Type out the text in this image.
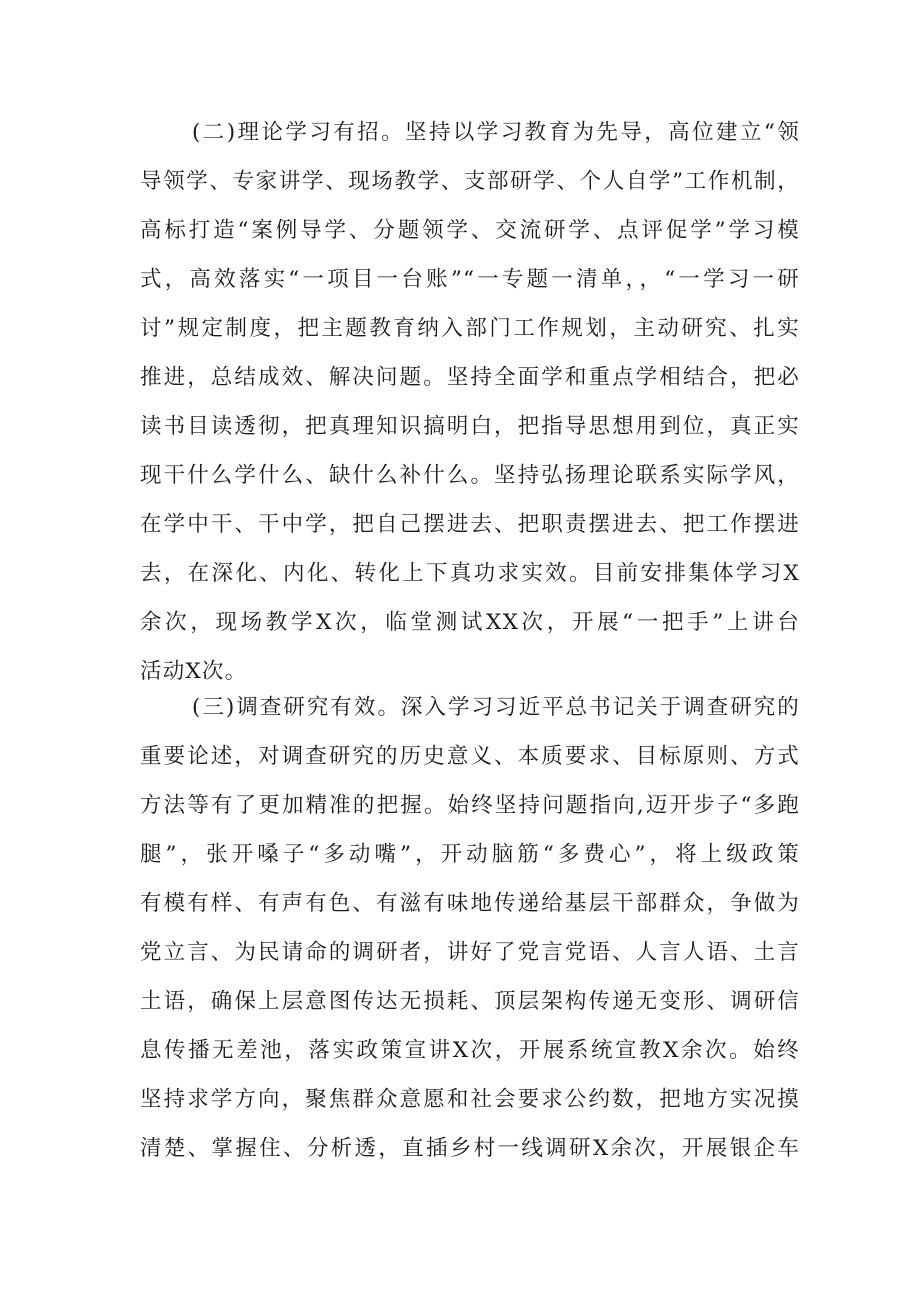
(二)理论学习有招。坚持以学习教育为先导，高位建立“领
导领学、专家讲学、现场教学、支部研学、个人自学”工作机制，
高标打造“案例导学、分题领学、交流研学、点评促学”学习模
式，高效落实“一项目一台账”“一专题一清单，，“一学习一研
讨”规定制度，把主题教育纳入部门工作规划，主动研究、扎实
推进，总结成效、解决问题。坚持全面学和重点学相结合，把必
读书目读透彻，把真理知识搞明白，把指导思想用到位，真正实
现干什么学什么、缺什么补什么。坚持弘扬理论联系实际学风，
在学中干、干中学，把自己摆进去、把职责摆进去、把工作摆进
去，在深化、内化、转化上下真功求实效。目前安排集体学习X
余次，现场教学X次，临堂测试XX次，开展“一把手”上讲台
活动X次。
(三)调查研究有效。深入学习习近平总书记关于调查研究的
重要论述，对调查研究的历史意义、本质要求、目标原则、方式
方法等有了更加精准的把握。始终坚持问题指向,迈开步子“多跑
腿”，张开嗓子“多动嘴”，开动脑筋“多费心”，将上级政策
有模有样、有声有色、有滋有味地传递给基层干部群众，争做为
党立言、为民请命的调研者，讲好了党言党语、人言人语、土言
土语，确保上层意图传达无损耗、顶层架构传递无变形、调研信
息传播无差池，落实政策宣讲X次，开展系统宣教X余次。始终
坚持求学方向，聚焦群众意愿和社会要求公约数，把地方实况摸
清楚、掌握住、分析透，直插乡村一线调研X余次，开展银企车
